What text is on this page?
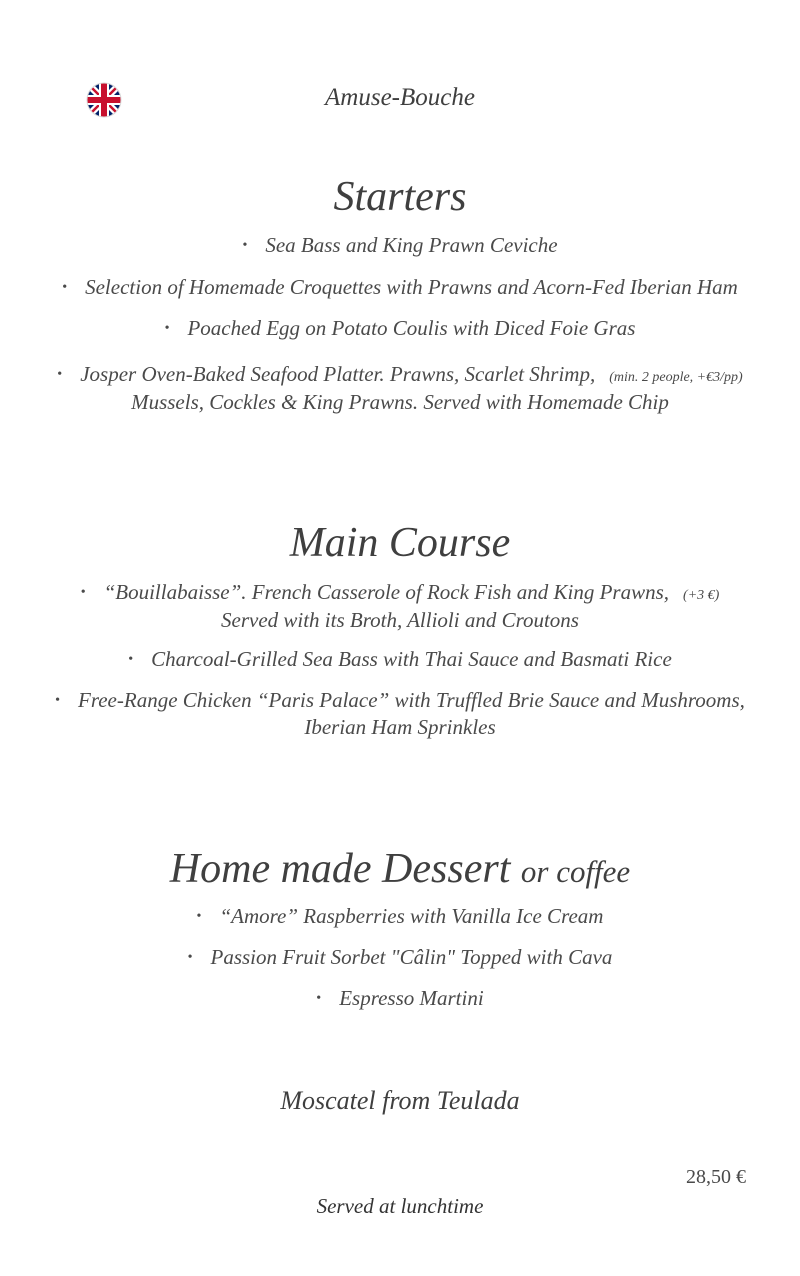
Amuse-Bouche
Starters
• Sea Bass and King Prawn Ceviche
• Selection of Homemade Croquettes with Prawns and Acorn-Fed Iberian Ham
• Poached Egg on Potato Coulis with Diced Foie Gras
• Josper Oven-Baked Seafood Platter. Prawns, Scarlet Shrimp, (min. 2 people, +€3/pp)
Mussels, Cockles & King Prawns. Served with Homemade Chip
Main Course
• “Bouillabaisse”. French Casserole of Rock Fish and King Prawns, (+3 €)
Served with its Broth, Allioli and Croutons
• Charcoal-Grilled Sea Bass with Thai Sauce and Basmati Rice
• Free-Range Chicken “Paris Palace” with Truffled Brie Sauce and Mushrooms,
Iberian Ham Sprinkles
Home made Dessert or coffee
• “Amore” Raspberries with Vanilla Ice Cream
• Passion Fruit Sorbet "Câlin" Topped with Cava
• Espresso Martini
Moscatel from Teulada
28,50 €
Served at lunchtime
